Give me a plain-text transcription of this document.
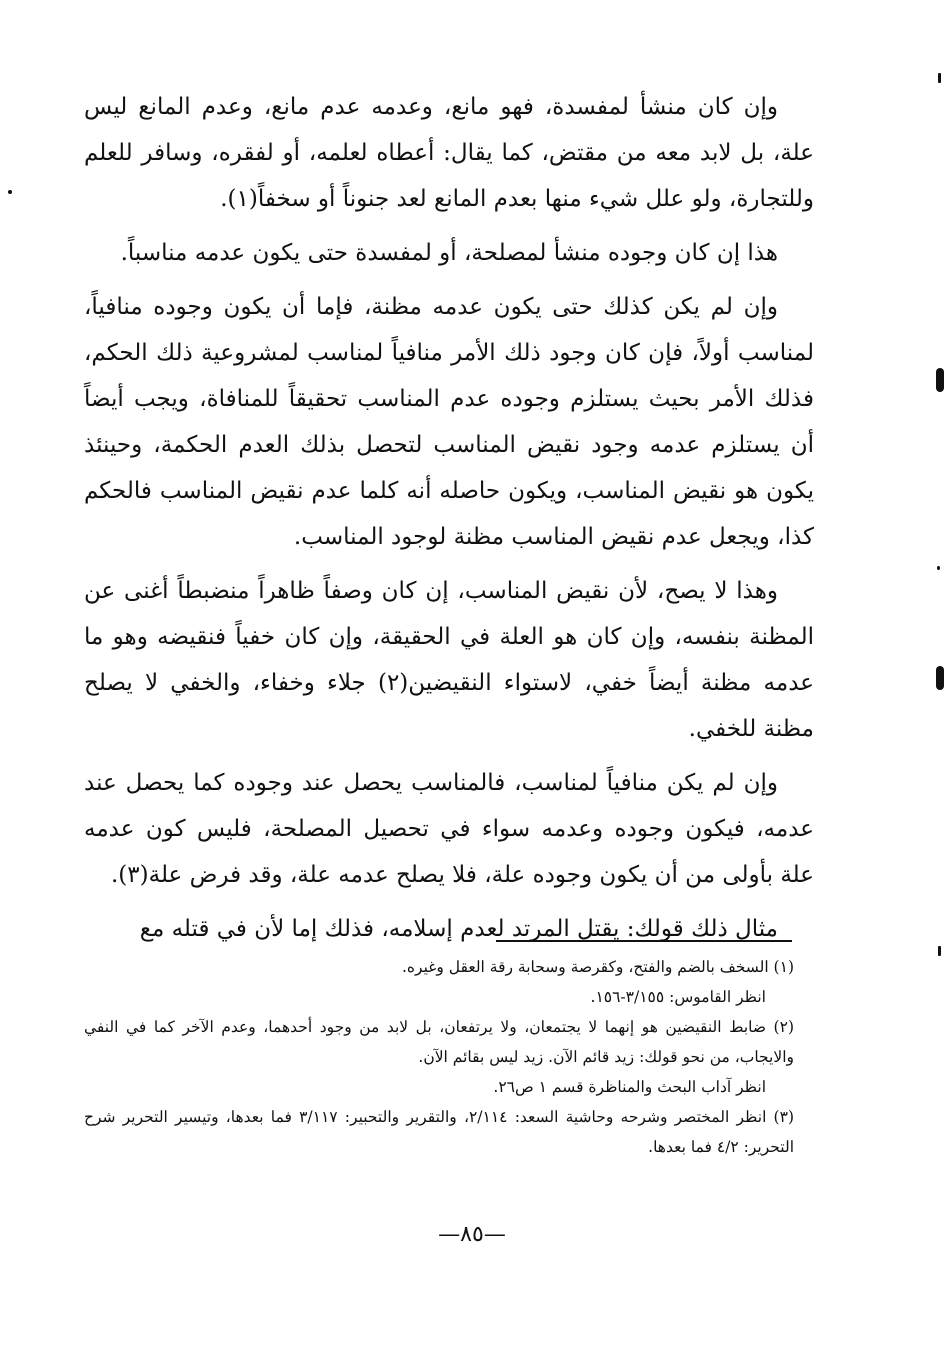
وإن كان منشأ لمفسدة، فهو مانع، وعدمه عدم مانع، وعدم المانع ليس علة، بل لابد معه من مقتض، كما يقال: أعطاه لعلمه، أو لفقره، وسافر للعلم وللتجارة، ولو علل شيء منها بعدم المانع لعد جنوناً أو سخفاً(١).

هذا إن كان وجوده منشأ لمصلحة، أو لمفسدة حتى يكون عدمه مناسباً.

وإن لم يكن كذلك حتى يكون عدمه مظنة، فإما أن يكون وجوده منافياً، لمناسب أولاً، فإن كان وجود ذلك الأمر منافياً لمناسب لمشروعية ذلك الحكم، فذلك الأمر بحيث يستلزم وجوده عدم المناسب تحقيقاً للمنافاة، ويجب أيضاً أن يستلزم عدمه وجود نقيض المناسب لتحصل بذلك العدم الحكمة، وحينئذ يكون هو نقيض المناسب، ويكون حاصله أنه كلما عدم نقيض المناسب فالحكم كذا، ويجعل عدم نقيض المناسب مظنة لوجود المناسب.

وهذا لا يصح، لأن نقيض المناسب، إن كان وصفاً ظاهراً منضبطاً أغنى عن المظنة بنفسه، وإن كان هو العلة في الحقيقة، وإن كان خفياً فنقيضه وهو ما عدمه مظنة أيضاً خفي، لاستواء النقيضين(٢) جلاء وخفاء، والخفي لا يصلح مظنة للخفي.

وإن لم يكن منافياً لمناسب، فالمناسب يحصل عند وجوده كما يحصل عند عدمه، فيكون وجوده وعدمه سواء في تحصيل المصلحة، فليس كون عدمه علة بأولى من أن يكون وجوده علة، فلا يصلح عدمه علة، وقد فرض علة(٣).

مثال ذلك قولك: يقتل المرتد لعدم إسلامه، فذلك إما لأن في قتله مع

(١) السخف بالضم والفتح، وكقرصة وسحابة رقة العقل وغيره.

انظر القاموس: ٣/١٥٥-١٥٦.

(٢) ضابط النقيضين هو إنهما لا يجتمعان، ولا يرتفعان، بل لابد من وجود أحدهما، وعدم الآخر كما في النفي والايجاب، من نحو قولك: زيد قائم الآن. زيد ليس بقائم الآن.

انظر آداب البحث والمناظرة قسم ١ ص٢٦.

(٣) انظر المختصر وشرحه وحاشية السعد: ٢/١١٤، والتقرير والتحبير: ٣/١١٧ فما بعدها، وتيسير التحرير شرح التحرير: ٤/٢ فما بعدها.

—٨٥—
